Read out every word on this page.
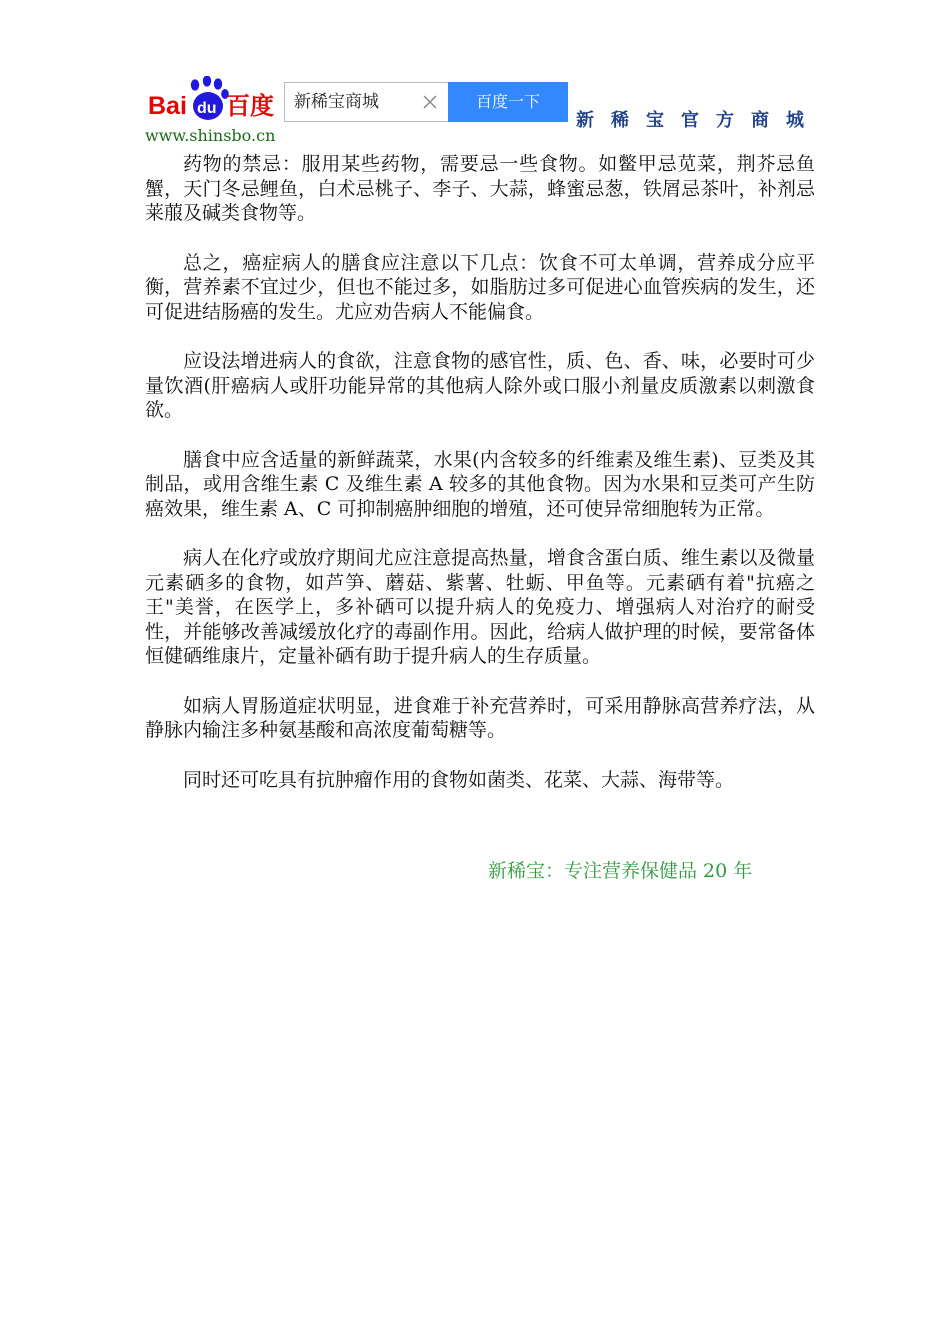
Bai du 百度	新稀宝商城	百度一下
新稀宝官方商城
www.shinsbo.cn

药物的禁忌：服用某些药物，需要忌一些食物。如鳖甲忌苋菜，荆芥忌鱼蟹，天门冬忌鲤鱼，白术忌桃子、李子、大蒜，蜂蜜忌葱，铁屑忌茶叶，补剂忌莱菔及碱类食物等。

总之，癌症病人的膳食应注意以下几点：饮食不可太单调，营养成分应平衡，营养素不宜过少，但也不能过多，如脂肪过多可促进心血管疾病的发生，还可促进结肠癌的发生。尤应劝告病人不能偏食。

应设法增进病人的食欲，注意食物的感官性，质、色、香、味，必要时可少量饮酒(肝癌病人或肝功能异常的其他病人除外或口服小剂量皮质激素以刺激食欲。

膳食中应含适量的新鲜蔬菜，水果(内含较多的纤维素及维生素)、豆类及其制品，或用含维生素 C 及维生素 A 较多的其他食物。因为水果和豆类可产生防癌效果，维生素 A、C 可抑制癌肿细胞的增殖，还可使异常细胞转为正常。

病人在化疗或放疗期间尤应注意提高热量，增食含蛋白质、维生素以及微量元素硒多的食物，如芦笋、蘑菇、紫薯、牡蛎、甲鱼等。元素硒有着"抗癌之王"美誉，在医学上，多补硒可以提升病人的免疫力、增强病人对治疗的耐受性，并能够改善减缓放化疗的毒副作用。因此，给病人做护理的时候，要常备体恒健硒维康片，定量补硒有助于提升病人的生存质量。

如病人胃肠道症状明显，进食难于补充营养时，可采用静脉高营养疗法，从静脉内输注多种氨基酸和高浓度葡萄糖等。

同时还可吃具有抗肿瘤作用的食物如菌类、花菜、大蒜、海带等。

新稀宝：专注营养保健品 20 年
